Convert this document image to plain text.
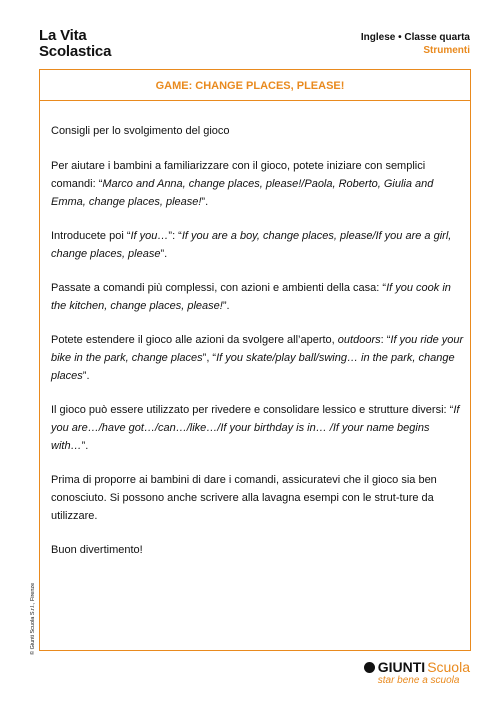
La Vita
Scolastica
Inglese • Classe quarta
Strumenti
GAME: CHANGE PLACES, PLEASE!

Consigli per lo svolgimento del gioco

Per aiutare i bambini a familiarizzare con il gioco, potete iniziare con semplici comandi: “Marco and Anna, change places, please!/Paola, Roberto, Giulia and Emma, change places, please!”.

Introducete poi “If you…”: “If you are a boy, change places, please/If you are a girl, change places, please”.

Passate a comandi più complessi, con azioni e ambienti della casa: “If you cook in the kitchen, change places, please!”.

Potete estendere il gioco alle azioni da svolgere all’aperto, outdoors: “If you ride your bike in the park, change places”, “If you skate/play ball/swing… in the park, change places”.

Il gioco può essere utilizzato per rivedere e consolidare lessico e strutture diversi: “If you are…/have got…/can…/like…/If your birthday is in… /If your name begins with…”.

Prima di proporre ai bambini di dare i comandi, assicuratevi che il gioco sia ben conosciuto. Si possono anche scrivere alla lavagna esempi con le strut-ture da utilizzare.

Buon divertimento!

© Giunti Scuola S.r.l., Firenze
GIUNTI Scuola
star bene a scuola
